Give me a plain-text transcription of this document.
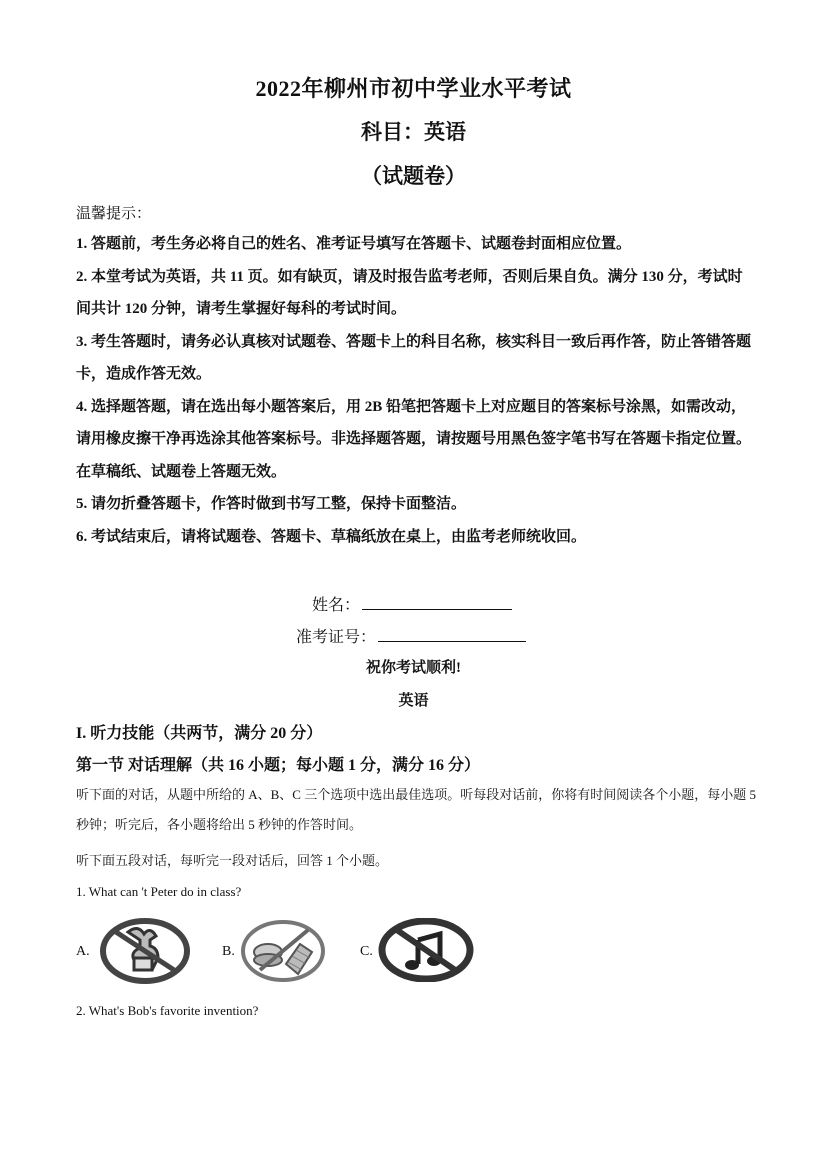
2022年柳州市初中学业水平考试
科目：英语
（试题卷）
温馨提示：

1. 答题前，考生务必将自己的姓名、准考证号填写在答题卡、试题卷封面相应位置。

2. 本堂考试为英语，共 11 页。如有缺页，请及时报告监考老师，否则后果自负。满分 130 分，考试时间共计 120 分钟，请考生掌握好每科的考试时间。

3. 考生答题时，请务必认真核对试题卷、答题卡上的科目名称，核实科目一致后再作答，防止答错答题卡，造成作答无效。

4. 选择题答题，请在选出每小题答案后，用 2B 铅笔把答题卡上对应题目的答案标号涂黑，如需改动，请用橡皮擦干净再选涂其他答案标号。非选择题答题，请按题号用黑色签字笔书写在答题卡指定位置。在草稿纸、试题卷上答题无效。

5. 请勿折叠答题卡，作答时做到书写工整，保持卡面整洁。

6. 考试结束后，请将试题卷、答题卡、草稿纸放在桌上，由监考老师统收回。

姓名：
准考证号：
祝你考试顺利!
英语
I. 听力技能（共两节，满分 20 分）
第一节 对话理解（共 16 小题；每小题 1 分，满分 16 分）
听下面的对话，从题中所给的 A、B、C 三个选项中选出最佳选项。听每段对话前，你将有时间阅读各个小题，每小题 5 秒钟；听完后，各小题将给出 5 秒钟的作答时间。
听下面五段对话，每听完一段对话后，回答 1 个小题。
1. What can 't Peter do in class?
A.	B.	C.
2. What's Bob's favorite invention?
